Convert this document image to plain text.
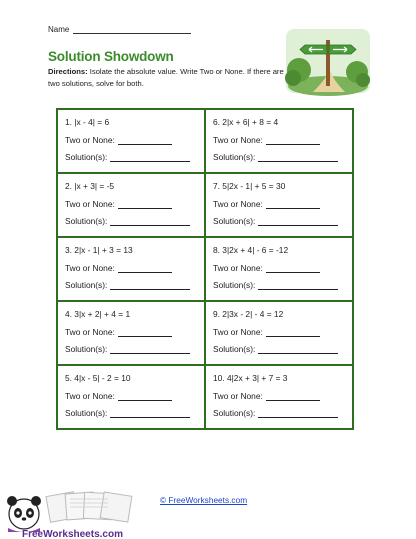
Name
Solution Showdown
Directions: Isolate the absolute value. Write Two or None. If there are two solutions, solve for both.
1. |x - 4| = 6
Two or None:
Solution(s):
6. 2|x + 6| + 8 = 4
Two or None:
Solution(s):
2. |x + 3| = -5
Two or None:
Solution(s):
7. 5|2x - 1| + 5 = 30
Two or None:
Solution(s):
3. 2|x - 1| + 3 = 13
Two or None:
Solution(s):
8. 3|2x + 4| - 6 = -12
Two or None:
Solution(s):
4. 3|x + 2| + 4 = 1
Two or None:
Solution(s):
9. 2|3x - 2| - 4 = 12
Two or None:
Solution(s):
5. 4|x - 5| - 2 = 10
Two or None:
Solution(s):
10. 4|2x + 3| + 7 = 3
Two or None:
Solution(s):
© FreeWorksheets.com
FreeWorksheets.com
